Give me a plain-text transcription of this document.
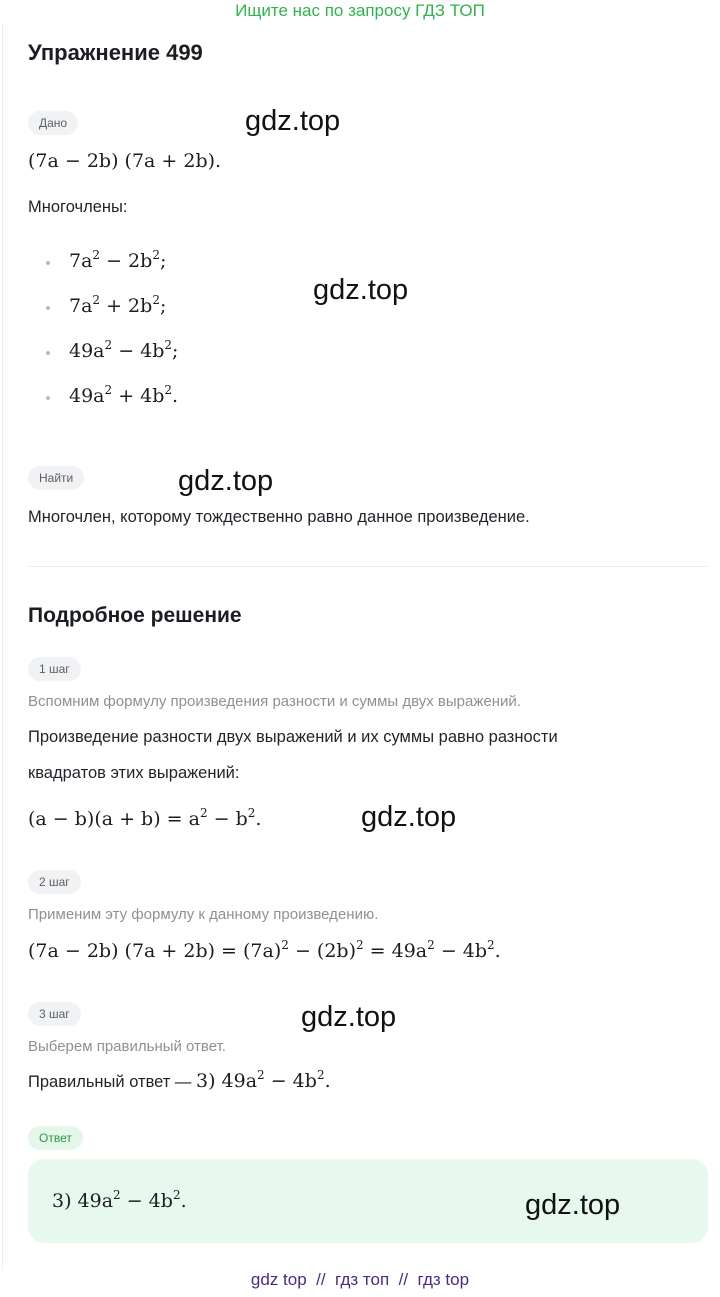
Ищите нас по запросу ГДЗ ТОП
Упражнение 499
Дано
(7a − 2b) (7a + 2b).
Многочлены:
$7a^2 - 2b^2$;
$7a^2 + 2b^2$;
$49a^2 - 4b^2$;
$49a^2 + 4b^2$.
Найти
Многочлен, которому тождественно равно данное произведение.
Подробное решение
1 шаг
Вспомним формулу произведения разности и суммы двух выражений.
Произведение разности двух выражений и их суммы равно разности
квадратов этих выражений:
$(a - b)(a + b) = a^2 - b^2$.
2 шаг
Применим эту формулу к данному произведению.
(7a − 2b) $(7a + 2b) = (7a)^2 - (2b)^2 = 49a^2 - 4b^2$.
3 шаг
Выберем правильный ответ.
Правильный ответ — 3) $49a^2 - 4b^2$.
Ответ
3) $49a^2 - 4b^2$.
gdz.top
gdz.top
gdz.top
gdz.top
gdz.top
gdz.top
gdz top // гдз топ // гдз top
